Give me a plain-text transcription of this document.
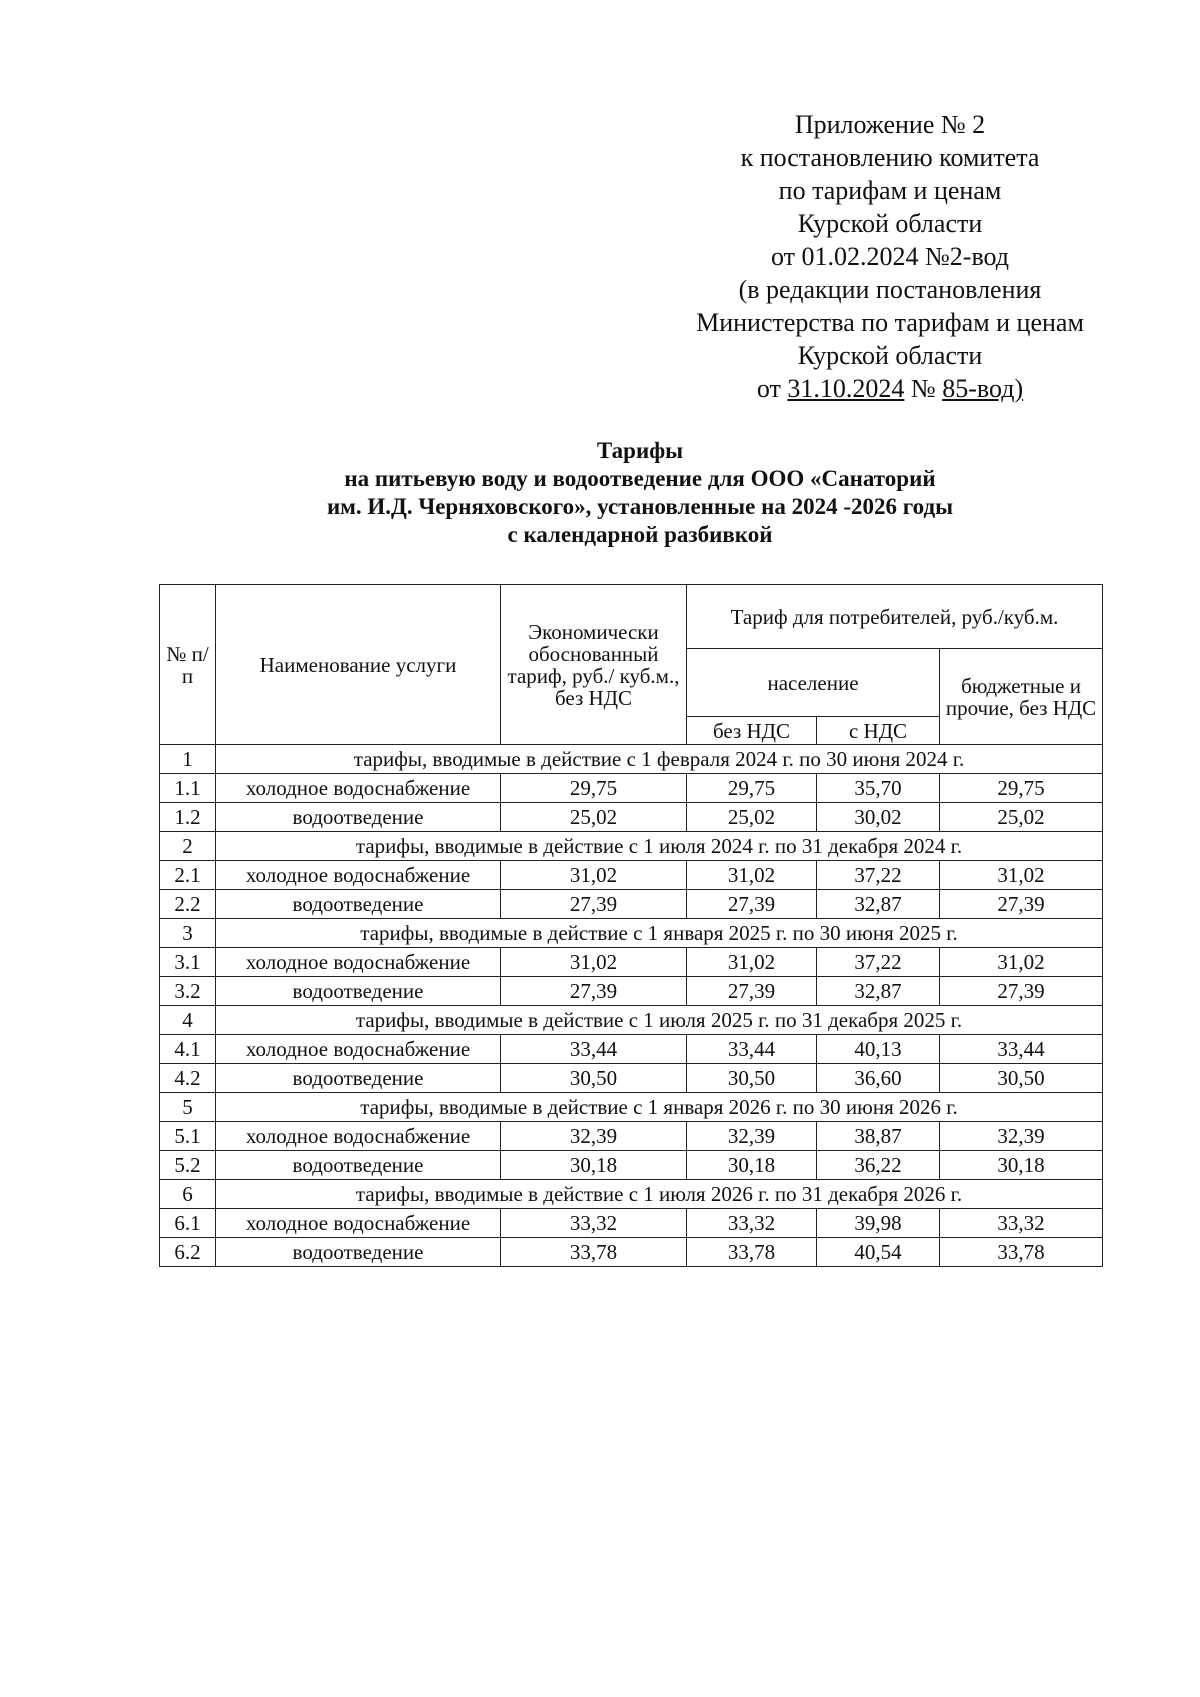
Приложение № 2
к постановлению комитета
по тарифам и ценам
Курской области
от 01.02.2024 №2-вод
(в редакции постановления
Министерства по тарифам и ценам
Курской области
от 31.10.2024 № 85-вод)
Тарифы
на питьевую воду и водоотведение для ООО «Санаторий
им. И.Д. Черняховского», установленные на 2024 -2026 годы
с календарной разбивкой
№ п/п	Наименование услуги	Экономически обоснованный тариф, руб./ куб.м., без НДС	Тариф для потребителей, руб./куб.м.		
			население		бюджетные и прочие, без НДС
			без НДС	с НДС	
1	тарифы, вводимые в действие с 1 февраля 2024 г. по 30 июня 2024 г.				
1.1	холодное водоснабжение	29,75	29,75	35,70	29,75
1.2	водоотведение	25,02	25,02	30,02	25,02
2	тарифы, вводимые в действие с 1 июля 2024 г. по 31 декабря 2024 г.				
2.1	холодное водоснабжение	31,02	31,02	37,22	31,02
2.2	водоотведение	27,39	27,39	32,87	27,39
3	тарифы, вводимые в действие с 1 января 2025 г. по 30 июня 2025 г.				
3.1	холодное водоснабжение	31,02	31,02	37,22	31,02
3.2	водоотведение	27,39	27,39	32,87	27,39
4	тарифы, вводимые в действие с 1 июля 2025 г. по 31 декабря 2025 г.				
4.1	холодное водоснабжение	33,44	33,44	40,13	33,44
4.2	водоотведение	30,50	30,50	36,60	30,50
5	тарифы, вводимые в действие с 1 января 2026 г. по 30 июня 2026 г.				
5.1	холодное водоснабжение	32,39	32,39	38,87	32,39
5.2	водоотведение	30,18	30,18	36,22	30,18
6	тарифы, вводимые в действие с 1 июля 2026 г. по 31 декабря 2026 г.				
6.1	холодное водоснабжение	33,32	33,32	39,98	33,32
6.2	водоотведение	33,78	33,78	40,54	33,78
